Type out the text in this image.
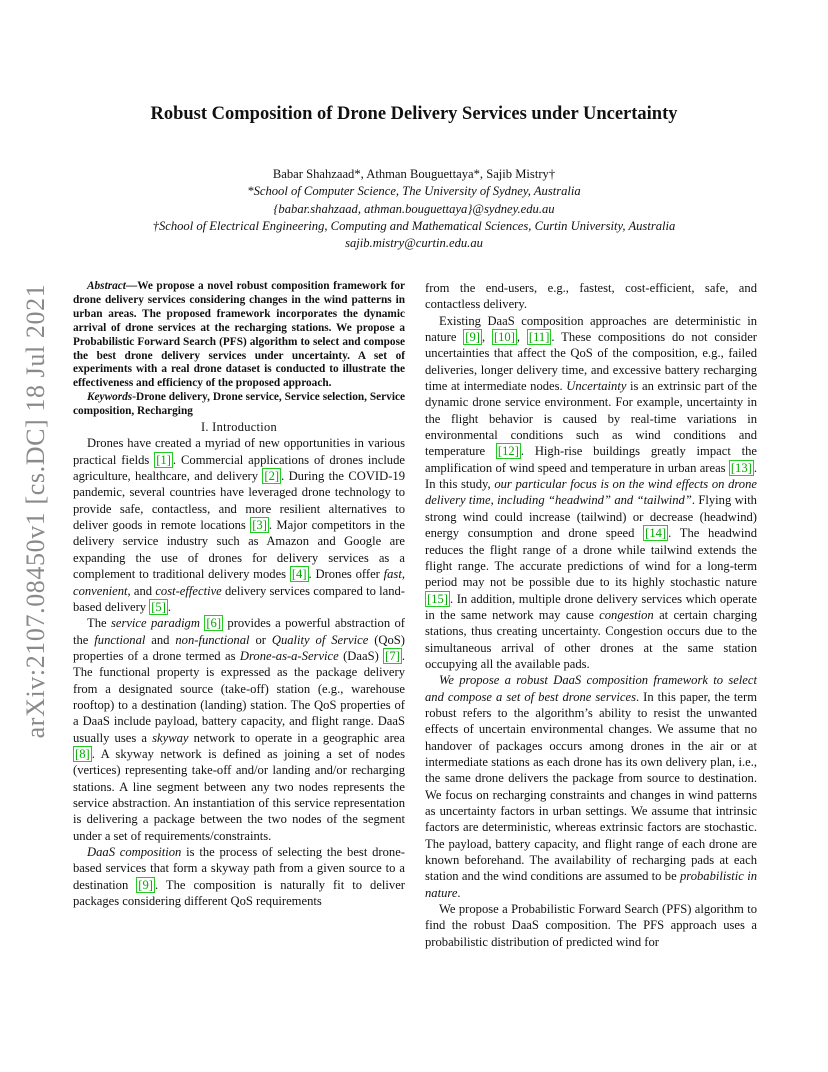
arXiv:2107.08450v1 [cs.DC] 18 Jul 2021
Robust Composition of Drone Delivery Services under Uncertainty
Babar Shahzaad*, Athman Bouguettaya*, Sajib Mistry†
*School of Computer Science, The University of Sydney, Australia
{babar.shahzaad, athman.bouguettaya}@sydney.edu.au
†School of Electrical Engineering, Computing and Mathematical Sciences, Curtin University, Australia
sajib.mistry@curtin.edu.au

Abstract—We propose a novel robust composition framework for drone delivery services considering changes in the wind patterns in urban areas. The proposed framework incorporates the dynamic arrival of drone services at the recharging stations. We propose a Probabilistic Forward Search (PFS) algorithm to select and compose the best drone delivery services under uncertainty. A set of experiments with a real drone dataset is conducted to illustrate the effectiveness and efficiency of the proposed approach.

Keywords-Drone delivery, Drone service, Service selection, Service composition, Recharging

I. Introduction

Drones have created a myriad of new opportunities in various practical fields [1] . Commercial applications of drones include agriculture, healthcare, and delivery [2] . During the COVID-19 pandemic, several countries have leveraged drone technology to provide safe, contactless, and more resilient alternatives to deliver goods in remote locations [3] . Major competitors in the delivery service industry such as Amazon and Google are expanding the use of drones for delivery services as a complement to traditional delivery modes [4] . Drones offer fast, convenient, and cost-effective delivery services compared to land-based delivery [5] .

The service paradigm [6] provides a powerful abstraction of the functional and non-functional or Quality of Service (QoS) properties of a drone termed as Drone-as-a-Service (DaaS) [7] . The functional property is expressed as the package delivery from a designated source (take-off) station (e.g., warehouse rooftop) to a destination (landing) station. The QoS properties of a DaaS include payload, battery capacity, and flight range. DaaS usually uses a skyway network to operate in a geographic area [8] . A skyway network is defined as joining a set of nodes (vertices) representing take-off and/or landing and/or recharging stations. A line segment between any two nodes represents the service abstraction. An instantiation of this service representation is delivering a package between the two nodes of the segment under a set of requirements/constraints.

DaaS composition is the process of selecting the best drone-based services that form a skyway path from a given source to a destination [9] . The composition is naturally fit to deliver packages considering different QoS requirements

from the end-users, e.g., fastest, cost-efficient, safe, and contactless delivery.

Existing DaaS composition approaches are deterministic in nature [9] , [10] , [11] . These compositions do not consider uncertainties that affect the QoS of the composition, e.g., failed deliveries, longer delivery time, and excessive battery recharging time at intermediate nodes. Uncertainty is an extrinsic part of the dynamic drone service environment. For example, uncertainty in the flight behavior is caused by real-time variations in environmental conditions such as wind conditions and temperature [12] . High-rise buildings greatly impact the amplification of wind speed and temperature in urban areas [13] . In this study, our particular focus is on the wind effects on drone delivery time, including “headwind” and “tailwind”. Flying with strong wind could increase (tailwind) or decrease (headwind) energy consumption and drone speed [14] . The headwind reduces the flight range of a drone while tailwind extends the flight range. The accurate predictions of wind for a long-term period may not be possible due to its highly stochastic nature [15] . In addition, multiple drone delivery services which operate in the same network may cause congestion at certain charging stations, thus creating uncertainty. Congestion occurs due to the simultaneous arrival of other drones at the same station occupying all the available pads.

We propose a robust DaaS composition framework to select and compose a set of best drone services. In this paper, the term robust refers to the algorithm’s ability to resist the unwanted effects of uncertain environmental changes. We assume that no handover of packages occurs among drones in the air or at intermediate stations as each drone has its own delivery plan, i.e., the same drone delivers the package from source to destination. We focus on recharging constraints and changes in wind patterns as uncertainty factors in urban settings. We assume that intrinsic factors are deterministic, whereas extrinsic factors are stochastic. The payload, battery capacity, and flight range of each drone are known beforehand. The availability of recharging pads at each station and the wind conditions are assumed to be probabilistic in nature.

We propose a Probabilistic Forward Search (PFS) algorithm to find the robust DaaS composition. The PFS approach uses a probabilistic distribution of predicted wind for
